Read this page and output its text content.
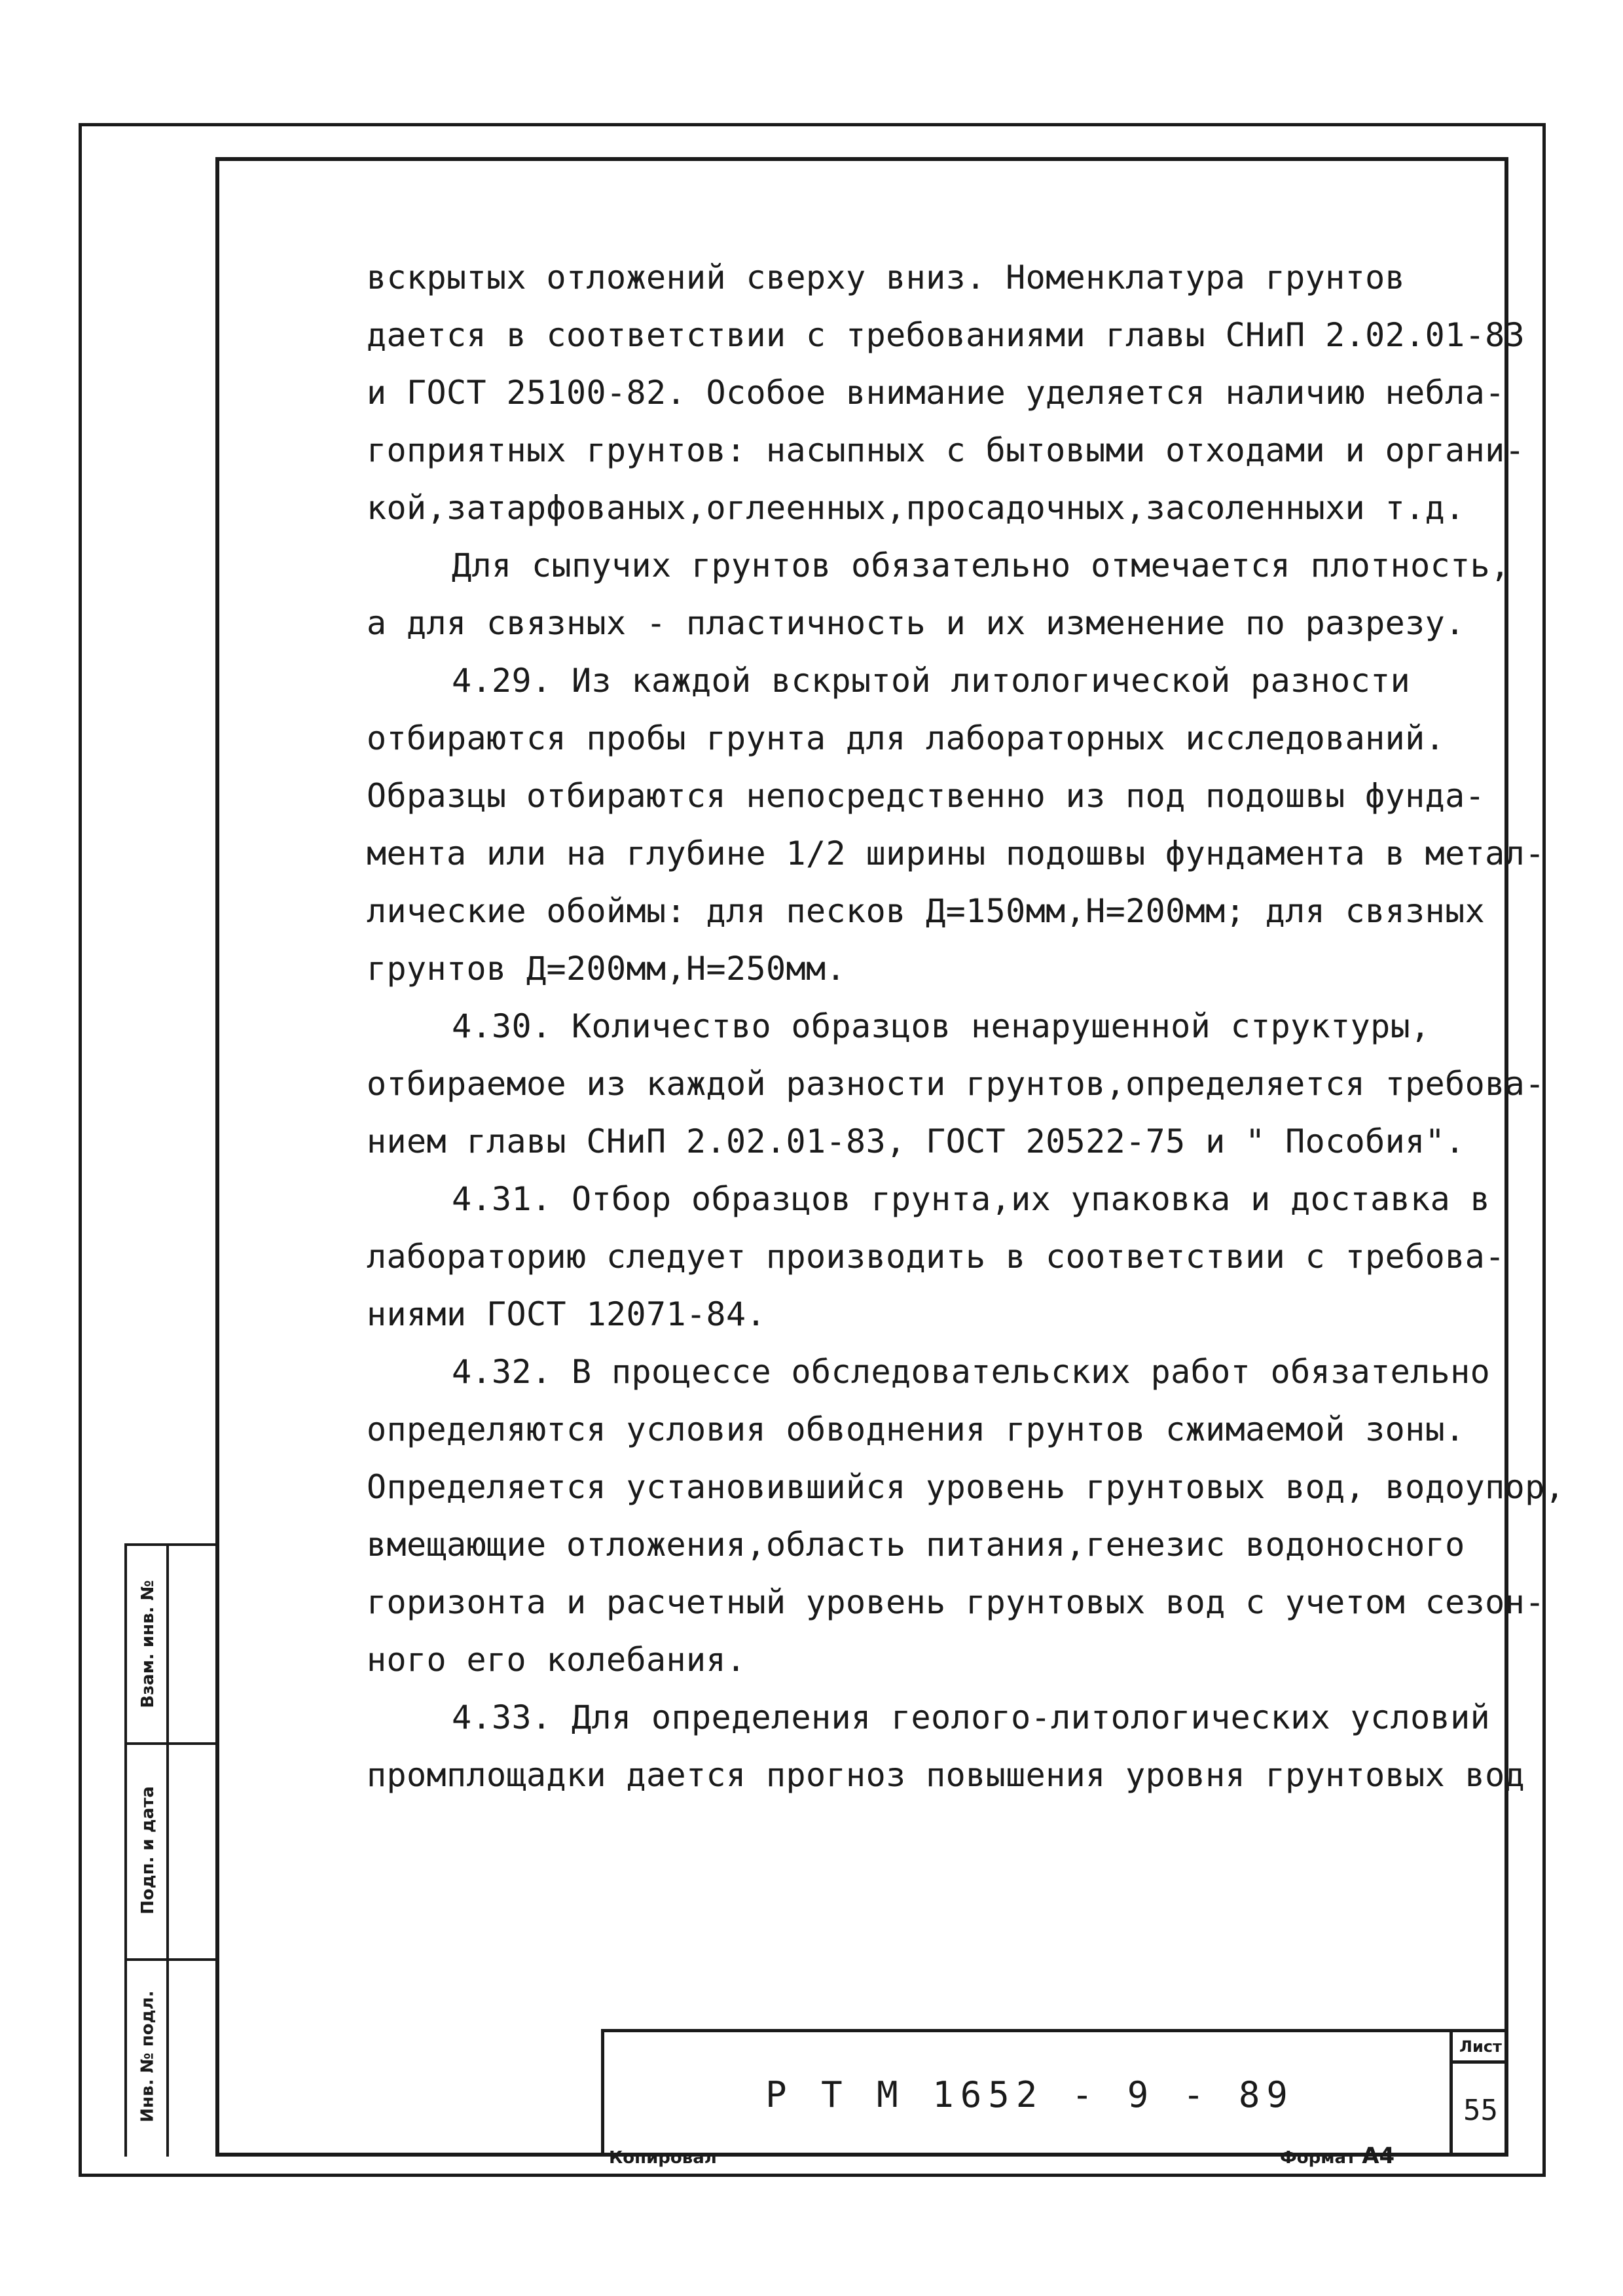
вскрытых отложений сверху вниз. Номенклатура грунтов

дается в соответствии с требованиями главы СНиП 2.02.01-83

и ГОСТ 25100-82. Особое внимание уделяется наличию неблa-

гоприятных грунтов: насыпных с бытовыми отходами и органи-

кой,затарфованых,оглеенных,просадочных,засоленныхи т.д.

Для сыпучих грунтов обязательно отмечается плотность,

а для связных - пластичность и их изменение по разрезу.

4.29. Из каждой вскрытой литологической разности

отбираются пробы грунта для лабораторных исследований.

Образцы отбираются непосредственно из под подошвы фунда-

мента или на глубине 1/2 ширины подошвы фундамента в метал-

лические обоймы: для песков Д=150мм,Н=200мм; для связных

грунтов Д=200мм,Н=250мм.

4.30. Количество образцов ненарушенной структуры,

отбираемое из каждой разности грунтов,определяется требова-

нием главы СНиП 2.02.01-83, ГОСТ 20522-75 и " Пособия".

4.31. Отбор образцов грунта,их упаковка и доставка в

лабораторию следует производить в соответствии с требова-

ниями ГОСТ 12071-84.

4.32. В процессе обследовательских работ обязательно

определяются условия обводнения грунтов сжимаемой зоны.

Определяется установившийся уровень грунтовых вод, водоупор,

вмещающие отложения,область питания,генезис водоносного

горизонта и расчетный уровень грунтовых вод с учетом сезон-

ного его колебания.

4.33. Для определения геолого-литологических условий

промплощадки дается прогноз повышения уровня грунтовых вод

Взам. инв. №
Подп. и дата
Инв. № подл.	Р Т М 1652 - 9 - 89
Лист
55
Копировал	Формат А4
